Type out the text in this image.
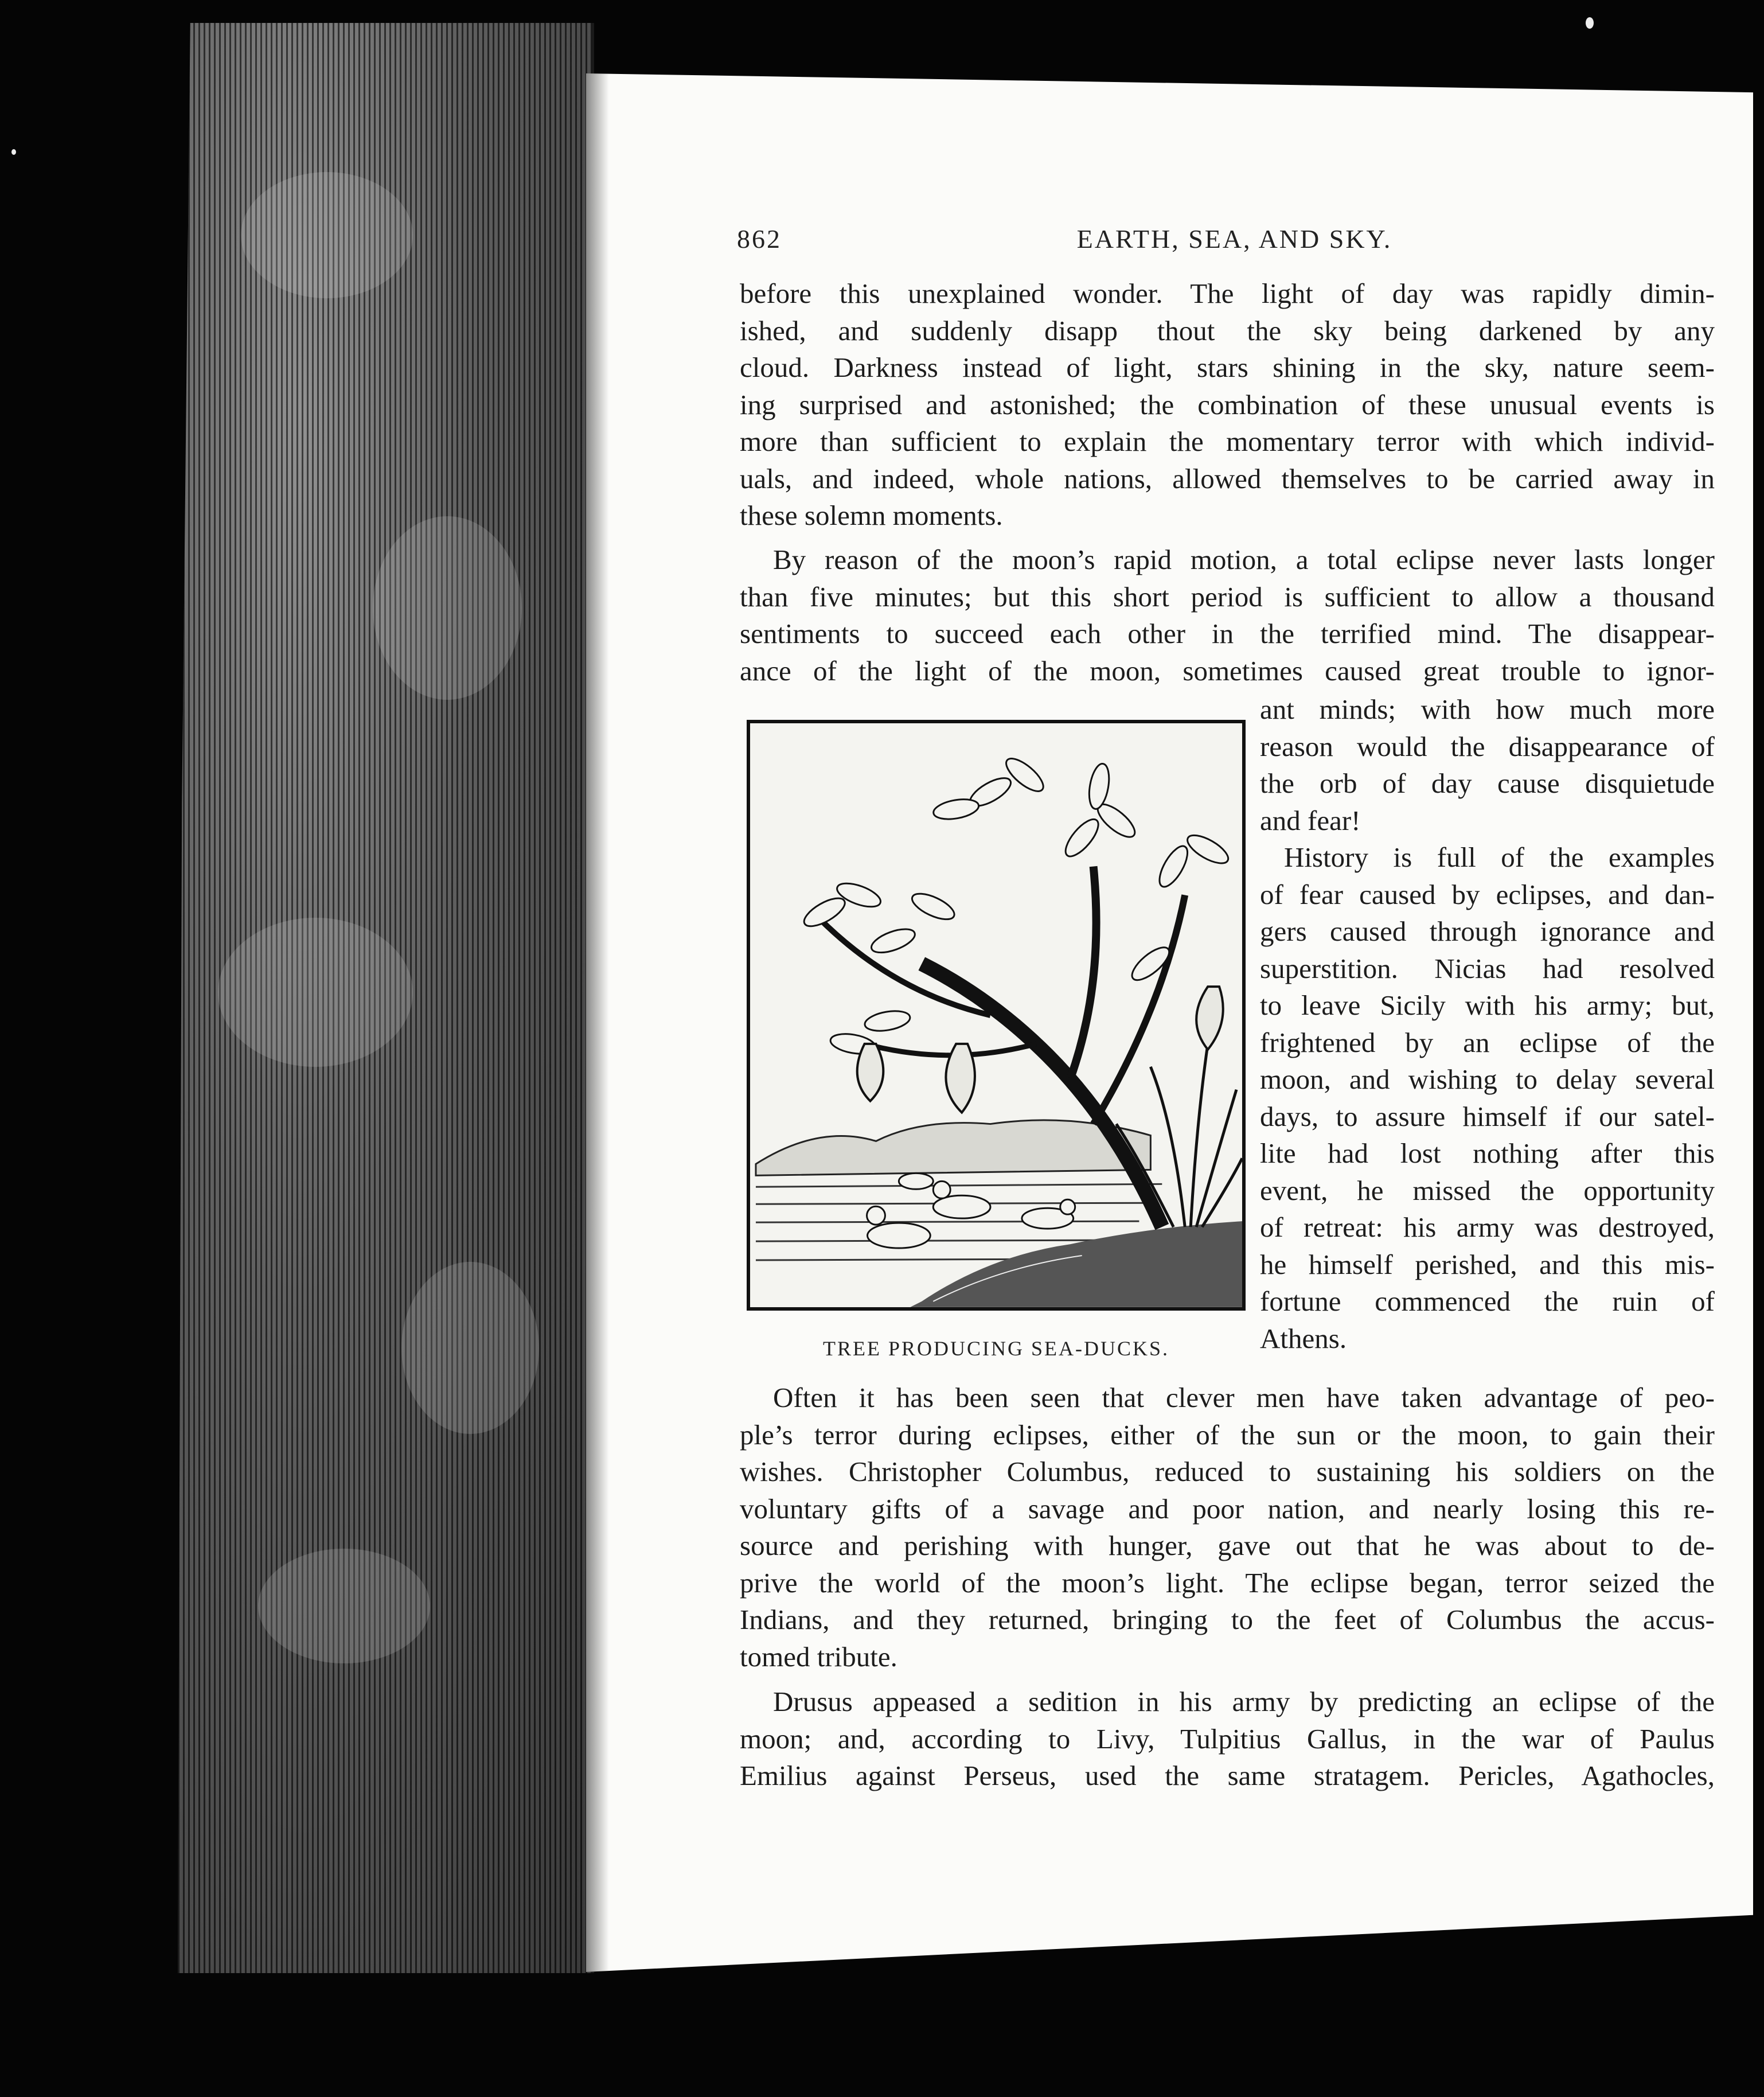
862	EARTH, SEA, AND SKY.
before this unexplained wonder. The light of day was rapidly dimin-
ished, and suddenly disapp       thout the sky being darkened by any
cloud. Darkness instead of light, stars shining in the sky, nature seem-
ing surprised and astonished; the combination of these unusual events is
more than sufficient to explain the momentary terror with which individ-
uals, and indeed, whole nations, allowed themselves to be carried away in
these solemn moments.
By reason of the moon’s rapid motion, a total eclipse never lasts longer
than five minutes; but this short period is sufficient to allow a thousand
sentiments to succeed each other in the terrified mind. The disappear-
ance of the light of the moon, sometimes caused great trouble to ignor-
ant minds; with how much more
reason would the disappearance of
the orb of day cause disquietude
and fear!
History is full of the examples
of fear caused by eclipses, and dan-
gers caused through ignorance and
superstition. Nicias had resolved
to leave Sicily with his army; but,
frightened by an eclipse of the
moon, and wishing to delay several
days, to assure himself if our satel-
lite had lost nothing after this
event, he missed the opportunity
of retreat: his army was destroyed,
he himself perished, and this mis-
fortune commenced the ruin of
Athens.
TREE PRODUCING SEA-DUCKS.
Often it has been seen that clever men have taken advantage of peo-
ple’s terror during eclipses, either of the sun or the moon, to gain their
wishes. Christopher Columbus, reduced to sustaining his soldiers on the
voluntary gifts of a savage and poor nation, and nearly losing this re-
source and perishing with hunger, gave out that he was about to de-
prive the world of the moon’s light. The eclipse began, terror seized the
Indians, and they returned, bringing to the feet of Columbus the accus-
tomed tribute.
Drusus appeased a sedition in his army by predicting an eclipse of the
moon; and, according to Livy, Tulpitius Gallus, in the war of Paulus
Emilius against Perseus, used the same stratagem. Pericles, Agathocles,
